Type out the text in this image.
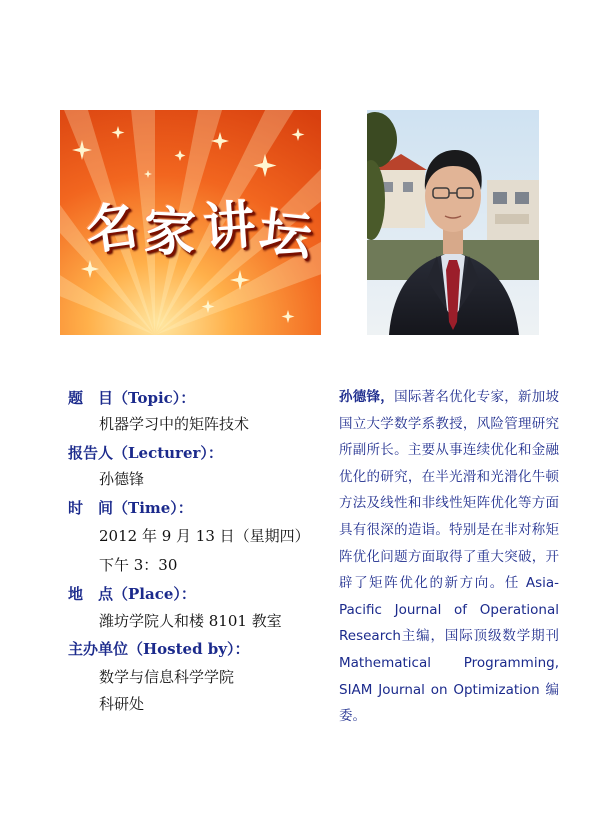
名 家 讲 坛
题 目（Topic）：
机器学习中的矩阵技术
报告人（Lecturer）：
孙德锋
时 间（Time）：
2012 年 9 月 13 日（星期四）
下午 3：30
地 点（Place）：
潍坊学院人和楼 8101 教室
主办单位（Hosted by）：
数学与信息科学学院
科研处
孙德锋，国际著名优化专家，新加坡国立大学数学系教授，风险管理研究所副所长。主要从事连续优化和金融优化的研究，在半光滑和光滑化牛顿方法及线性和非线性矩阵优化等方面具有很深的造诣。特别是在非对称矩阵优化问题方面取得了重大突破，开辟了矩阵优化的新方向。任 Asia-Pacific Journal of Operational Research主编，国际顶级数学期刊 Mathematical Programming, SIAM Journal on Optimization 编委。
